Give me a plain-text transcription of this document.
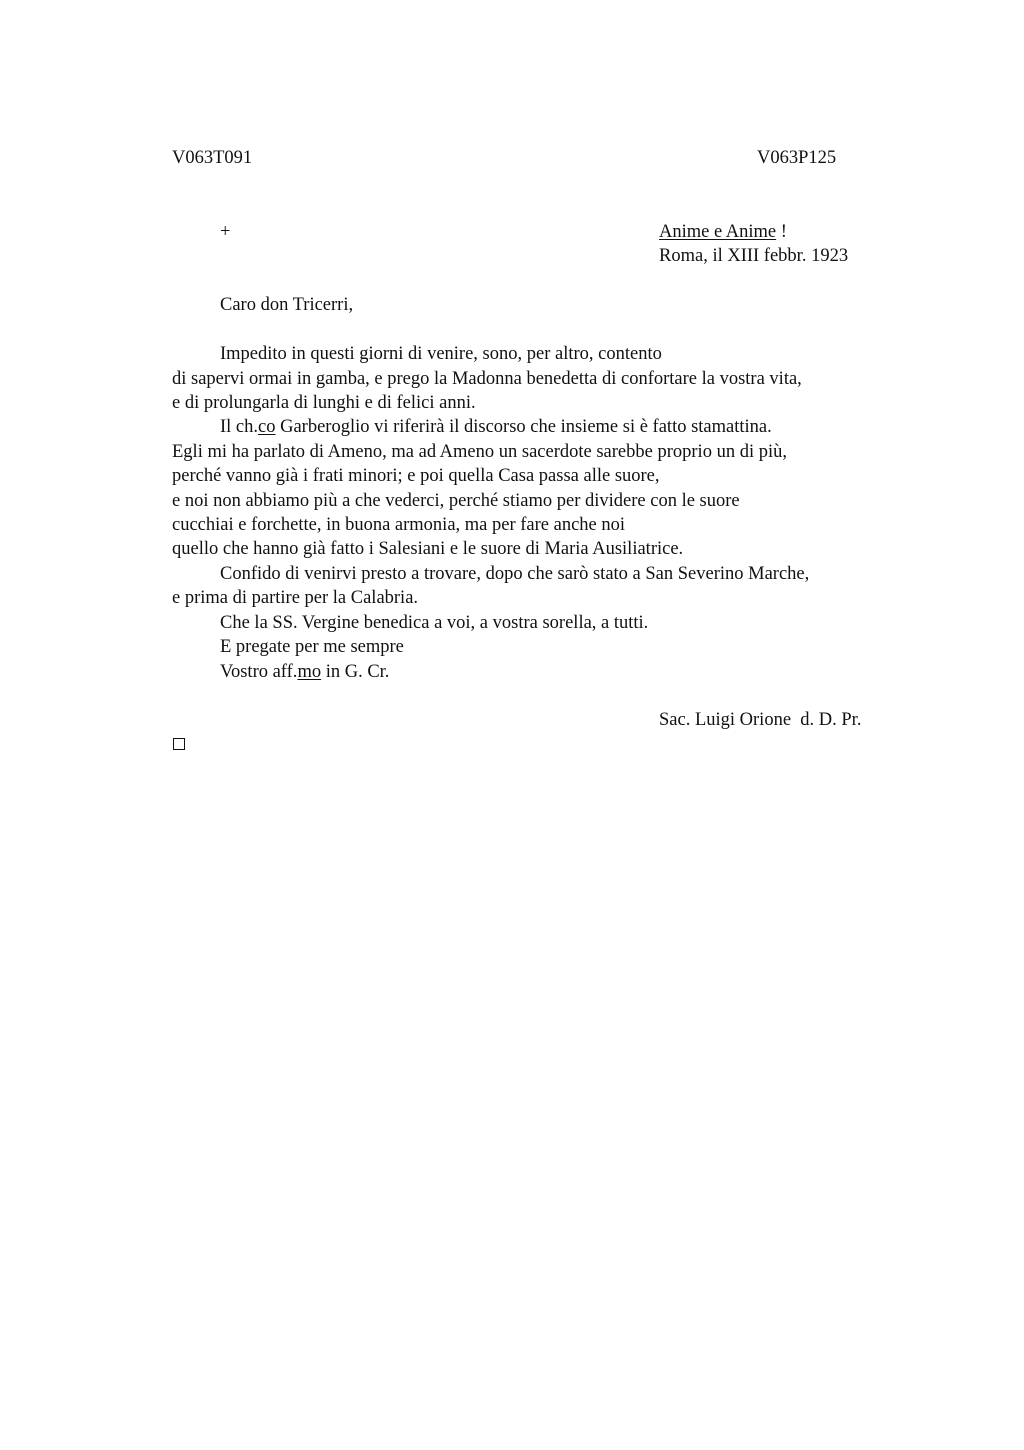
V063T091	V063P125
+	Anime e Anime !
Roma, il XIII febbr. 1923
Caro don Tricerri,
Impedito in questi giorni di venire, sono, per altro, contento
di sapervi ormai in gamba, e prego la Madonna benedetta di confortare la vostra vita,
e di prolungarla di lunghi e di felici anni.
Il ch.co Garberoglio vi riferirà il discorso che insieme si è fatto stamattina.
Egli mi ha parlato di Ameno, ma ad Ameno un sacerdote sarebbe proprio un di più,
perché vanno già i frati minori; e poi quella Casa passa alle suore,
e noi non abbiamo più a che vederci, perché stiamo per dividere con le suore
cucchiai e forchette, in buona armonia, ma per fare anche noi
quello che hanno già fatto i Salesiani e le suore di Maria Ausiliatrice.
Confido di venirvi presto a trovare, dopo che sarò stato a San Severino Marche,
e prima di partire per la Calabria.
Che la SS. Vergine benedica a voi, a vostra sorella, a tutti.
E pregate per me sempre
Vostro aff.mo in G. Cr.
Sac. Luigi Orione  d. D. Pr.
